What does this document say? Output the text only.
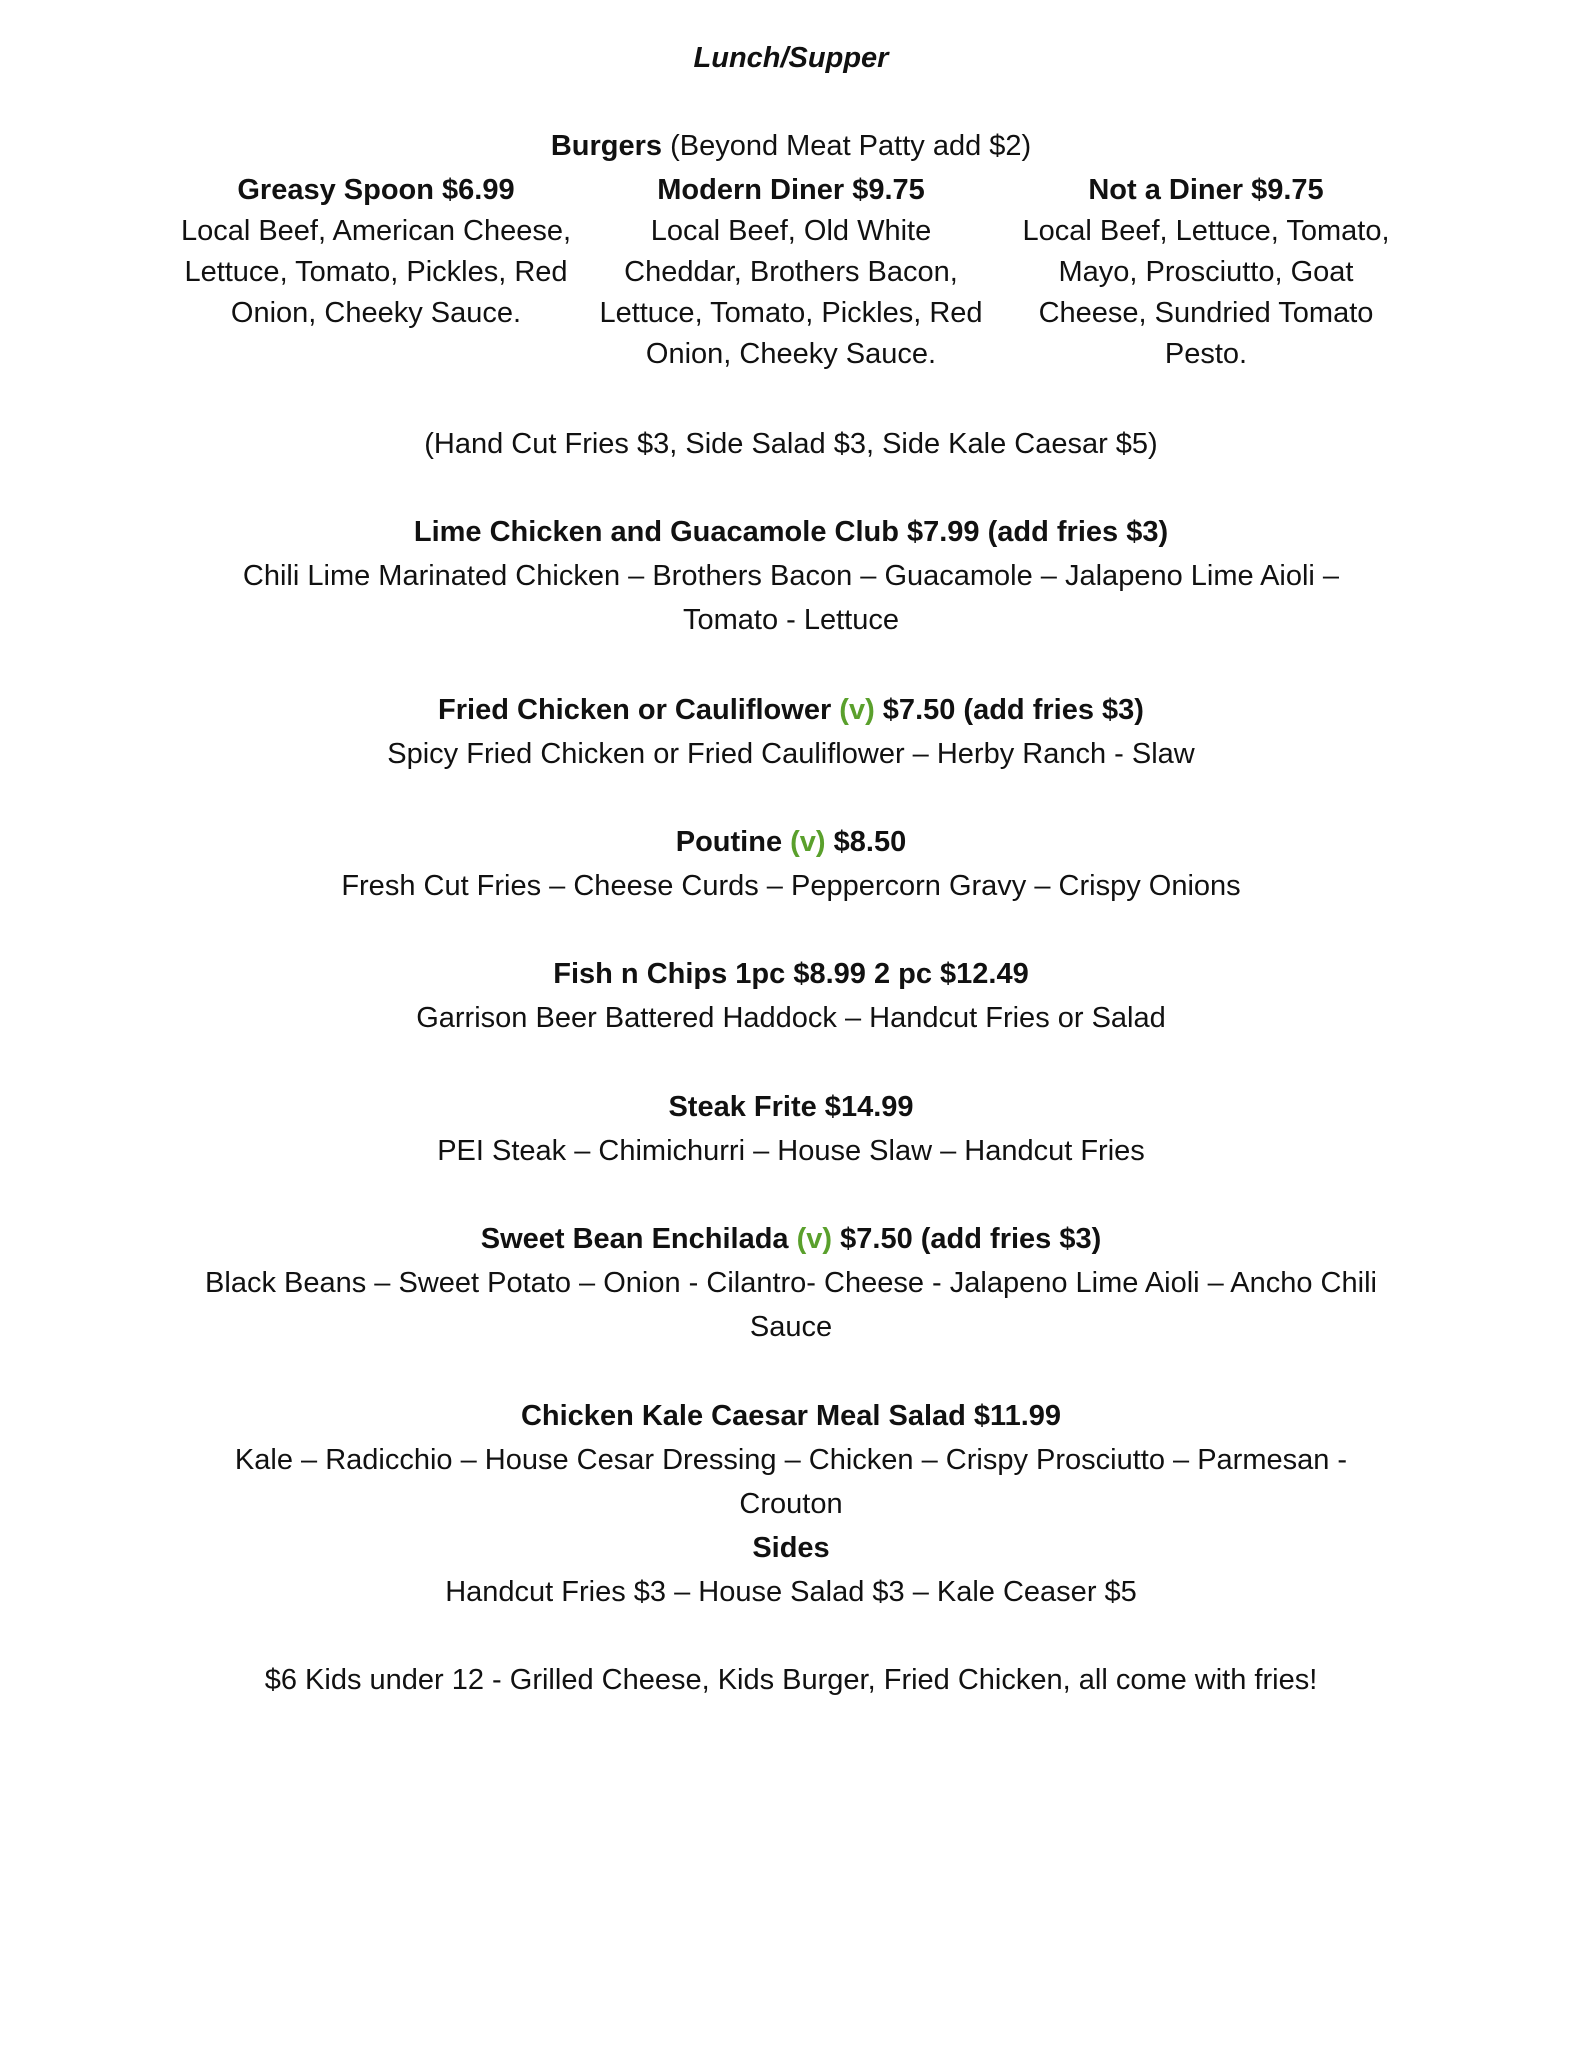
Lunch/Supper
Burgers (Beyond Meat Patty add $2)
Greasy Spoon $6.99
Local Beef, American Cheese, Lettuce, Tomato, Pickles, Red Onion, Cheeky Sauce.
Modern Diner $9.75
Local Beef, Old White Cheddar, Brothers Bacon, Lettuce, Tomato, Pickles, Red Onion, Cheeky Sauce.
Not a Diner $9.75
Local Beef, Lettuce, Tomato, Mayo, Prosciutto, Goat Cheese, Sundried Tomato Pesto.
(Hand Cut Fries $3, Side Salad $3, Side Kale Caesar $5)
Lime Chicken and Guacamole Club $7.99 (add fries $3)
Chili Lime Marinated Chicken – Brothers Bacon – Guacamole – Jalapeno Lime Aioli – Tomato - Lettuce
Fried Chicken or Cauliflower (v) $7.50 (add fries $3)
Spicy Fried Chicken or Fried Cauliflower – Herby Ranch - Slaw
Poutine (v) $8.50
Fresh Cut Fries – Cheese Curds – Peppercorn Gravy – Crispy Onions
Fish n Chips 1pc $8.99 2 pc $12.49
Garrison Beer Battered Haddock – Handcut Fries or Salad
Steak Frite $14.99
PEI Steak – Chimichurri – House Slaw – Handcut Fries
Sweet Bean Enchilada (v) $7.50 (add fries $3)
Black Beans – Sweet Potato – Onion - Cilantro- Cheese - Jalapeno Lime Aioli – Ancho Chili Sauce
Chicken Kale Caesar Meal Salad $11.99
Kale – Radicchio – House Cesar Dressing – Chicken – Crispy Prosciutto – Parmesan - Crouton
Sides
Handcut Fries $3 – House Salad $3 – Kale Ceaser $5
$6 Kids under 12 - Grilled Cheese, Kids Burger, Fried Chicken, all come with fries!
